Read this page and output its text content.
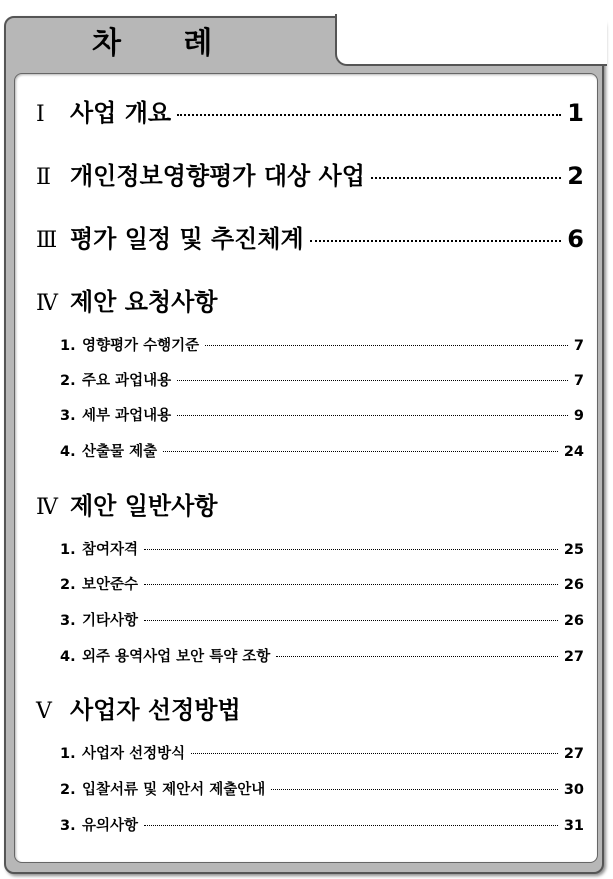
차 례
Ⅰ	사업 개요	1
Ⅱ 개인정보영향평가 대상 사업	2
Ⅲ 평가 일정 및 추진체계	6
Ⅳ 제안 요청사항
1. 영향평가 수행기준	7
2. 주요 과업내용	7
3. 세부 과업내용	9
4. 산출물 제출	24
Ⅳ 제안 일반사항
1. 참여자격	25
2. 보안준수	26
3. 기타사항	26
4. 외주 용역사업 보안 특약 조항	27
Ⅴ 사업자 선정방법
1. 사업자 선정방식	27
2. 입찰서류 및 제안서 제출안내	30
3. 유의사항	31
